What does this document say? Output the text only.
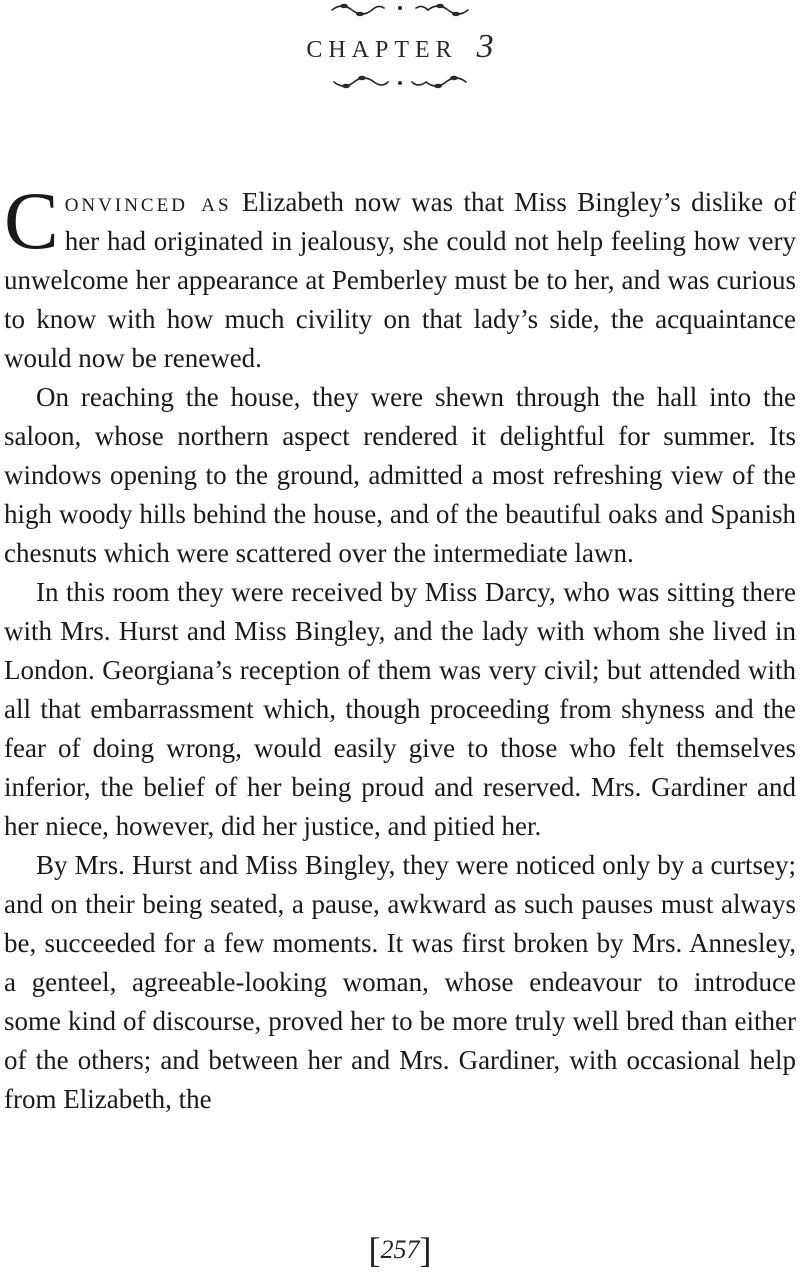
CHAPTER 3

Convinced as Elizabeth now was that Miss Bingley’s dislike of her had originated in jealousy, she could not help feeling how very unwelcome her appearance at Pemberley must be to her, and was curious to know with how much civility on that lady’s side, the acquaintance would now be renewed.

On reaching the house, they were shewn through the hall into the saloon, whose northern aspect rendered it delightful for summer. Its windows opening to the ground, admitted a most refreshing view of the high woody hills behind the house, and of the beautiful oaks and Spanish chesnuts which were scattered over the intermediate lawn.

In this room they were received by Miss Darcy, who was sitting there with Mrs. Hurst and Miss Bingley, and the lady with whom she lived in London. Georgiana’s reception of them was very civil; but attended with all that embarrassment which, though proceeding from shyness and the fear of doing wrong, would easily give to those who felt themselves inferior, the belief of her being proud and reserved. Mrs. Gardiner and her niece, however, did her justice, and pitied her.

By Mrs. Hurst and Miss Bingley, they were noticed only by a curtsey; and on their being seated, a pause, awkward as such pauses must always be, succeeded for a few moments. It was first broken by Mrs. Annesley, a genteel, agreeable-looking woman, whose endeavour to introduce some kind of discourse, proved her to be more truly well bred than either of the others; and between her and Mrs. Gardiner, with occasional help from Elizabeth, the

[257]
